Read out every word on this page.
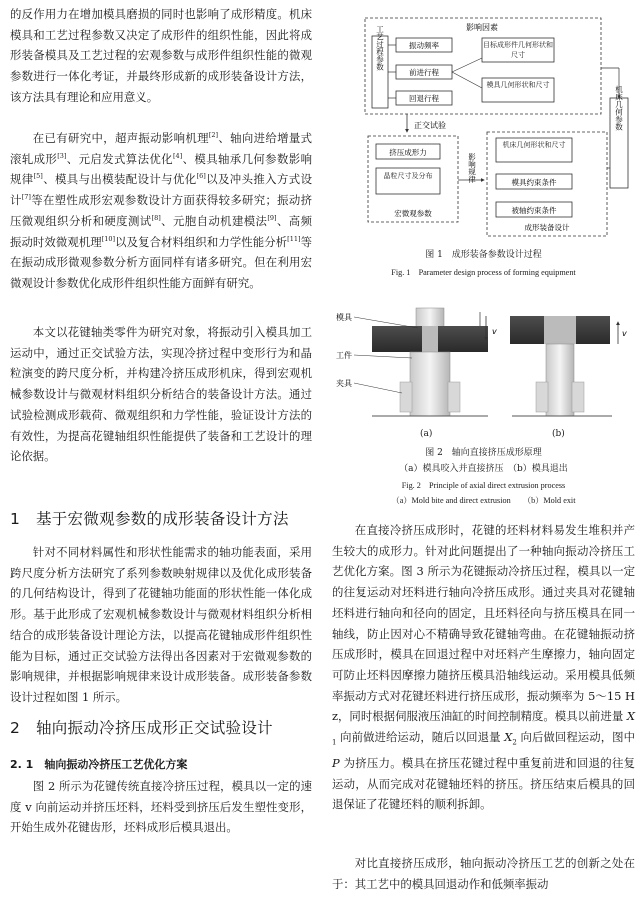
的反作用力在增加模具磨损的同时也影响了成形精度。机床模具和工艺过程参数又决定了成形件的组织性能，因此将成形装备模具及工艺过程的宏观参数与成形件组织性能的微观参数进行一体化考证，并最终形成新的成形装备设计方法，该方法具有理论和应用意义。

在已有研究中，超声振动影响机理[2]、轴向进给增量式滚轧成形[3]、元启发式算法优化[4]、模具轴承几何参数影响规律[5]、模具与出模装配设计与优化[6]以及冲头推入方式设计[7]等在塑性成形宏观参数设计方面获得较多研究；振动挤压微观组织分析和硬度测试[8]、元胞自动机建模法[9]、高频振动时效微观机理[10]以及复合材料组织和力学性能分析[11]等在振动成形微观参数分析方面同样有诸多研究。但在利用宏微观设计参数优化成形件组织性能方面鲜有研究。

本文以花键轴类零件为研究对象，将振动引入模具加工运动中，通过正交试验方法，实现冷挤过程中变形行为和晶粒演变的跨尺度分析，并构建冷挤压成形机床，得到宏观机械参数设计与微观材料组织分析结合的装备设计方法。通过试验检测成形载荷、微观组织和力学性能，验证设计方法的有效性，为提高花键轴组织性能提供了装备和工艺设计的理论依据。

1　基于宏微观参数的成形装备设计方法

针对不同材料属性和形状性能需求的轴功能表面，采用跨尺度分析方法研究了系列参数映射规律以及优化成形装备的几何结构设计，得到了花键轴功能面的形状性能一体化成形。基于此形成了宏观机械参数设计与微观材料组织分析相结合的成形装备设计理论方法，以提高花键轴成形件组织性能为目标，通过正交试验方法得出各因素对于宏微观参数的影响规律，并根据影响规律来设计成形装备。成形装备参数设计过程如图 1 所示。

2　轴向振动冷挤压成形正交试验设计
2. 1　轴向振动冷挤压工艺优化方案

图 2 所示为花键传统直接冷挤压过程，模具以一定的速度 v 向前运动并挤压坯料，坯料受到挤压后发生塑性变形，开始生成外花键齿形，坯料成形后模具退出。

影响因素
工艺过程参数	振动频率
前进行程
回退行程
目标成形件几何形状和尺寸
模具几何形状和尺寸
正交试验
挤压成形力
晶粒尺寸及分布
宏微观参数
影响规律
机床几何形状和尺寸
模具约束条件
被轴约束条件
成形装备设计
机床几何参数

图 1　成形装备参数设计过程

Fig. 1　Parameter design process of forming equipment

模具
工件
夹具
v	v
(a)	(b)

图 2　轴向直接挤压成形原理

（a）模具咬入并直接挤压　（b）模具退出

Fig. 2　Principle of axial direct extrusion process

（a）Mold bite and direct extrusion　　（b）Mold exit

在直接冷挤压成形时，花键的坯料材料易发生堆积并产生较大的成形力。针对此问题提出了一种轴向振动冷挤压工艺优化方案。图 3 所示为花键振动冷挤压过程，模具以一定的往复运动对坯料进行轴向冷挤压成形。通过夹具对花键轴坯料进行轴向和径向的固定，且坯料径向与挤压模具在同一轴线，防止因对心不精确导致花键轴弯曲。在花键轴振动挤压成形时，模具在回退过程中对坯料产生摩擦力，轴向固定可防止坯料因摩擦力随挤压模具沿轴线运动。采用模具低频率振动方式对花键坯料进行挤压成形，振动频率为 5～15 Hz，同时根据伺服液压油缸的时间控制精度。模具以前进量 $X_1$ 向前做进给运动，随后以回退量 $X_2$ 向后做回程运动，图中 P 为挤压力。模具在挤压花键过程中重复前进和回退的往复运动，从而完成对花键轴坯料的挤压。挤压结束后模具的回退保证了花键坯料的顺利拆卸。

对比直接挤压成形，轴向振动冷挤压工艺的创新之处在于：其工艺中的模具回退动作和低频率振动
